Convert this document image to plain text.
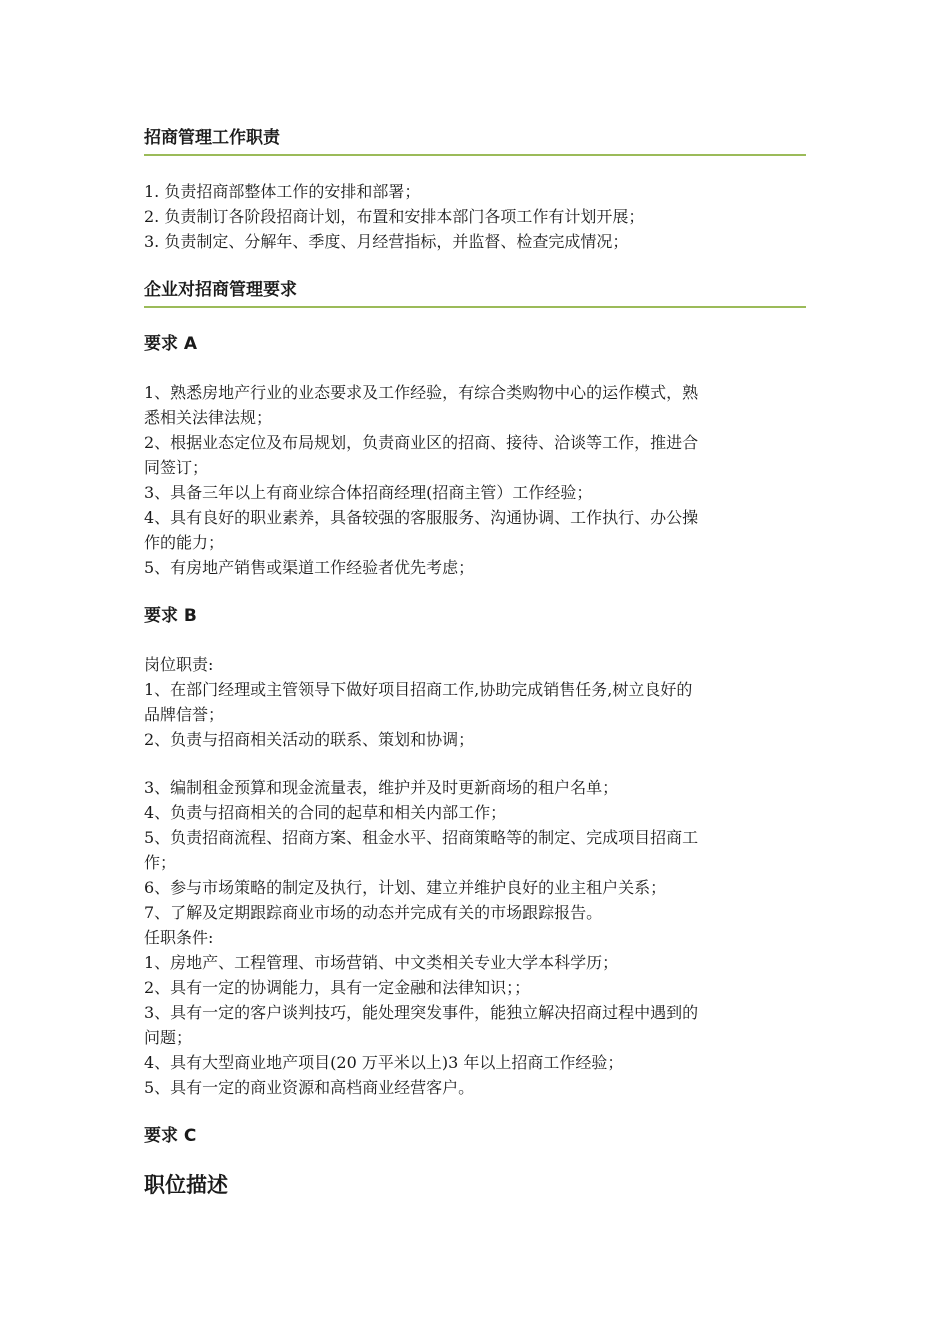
招商管理工作职责
1. 负责招商部整体工作的安排和部署；
2. 负责制订各阶段招商计划，布置和安排本部门各项工作有计划开展；
3. 负责制定、分解年、季度、月经营指标，并监督、检查完成情况；
企业对招商管理要求
要求 A
1、熟悉房地产行业的业态要求及工作经验，有综合类购物中心的运作模式，熟
悉相关法律法规；
2、根据业态定位及布局规划，负责商业区的招商、接待、洽谈等工作，推进合
同签订；
3、具备三年以上有商业综合体招商经理(招商主管）工作经验；
4、具有良好的职业素养，具备较强的客服服务、沟通协调、工作执行、办公操
作的能力；
5、有房地产销售或渠道工作经验者优先考虑；
要求 B
岗位职责:
1、在部门经理或主管领导下做好项目招商工作,协助完成销售任务,树立良好的
品牌信誉；
2、负责与招商相关活动的联系、策划和协调；
3、编制租金预算和现金流量表，维护并及时更新商场的租户名单；
4、负责与招商相关的合同的起草和相关内部工作；
5、负责招商流程、招商方案、租金水平、招商策略等的制定、完成项目招商工
作；
6、参与市场策略的制定及执行，计划、建立并维护良好的业主租户关系；
7、了解及定期跟踪商业市场的动态并完成有关的市场跟踪报告。
任职条件:
1、房地产、工程管理、市场营销、中文类相关专业大学本科学历；
2、具有一定的协调能力，具有一定金融和法律知识；；
3、具有一定的客户谈判技巧，能处理突发事件，能独立解决招商过程中遇到的
问题；
4、具有大型商业地产项目(20 万平米以上)3 年以上招商工作经验；
5、具有一定的商业资源和高档商业经营客户。
要求 C
职位描述
